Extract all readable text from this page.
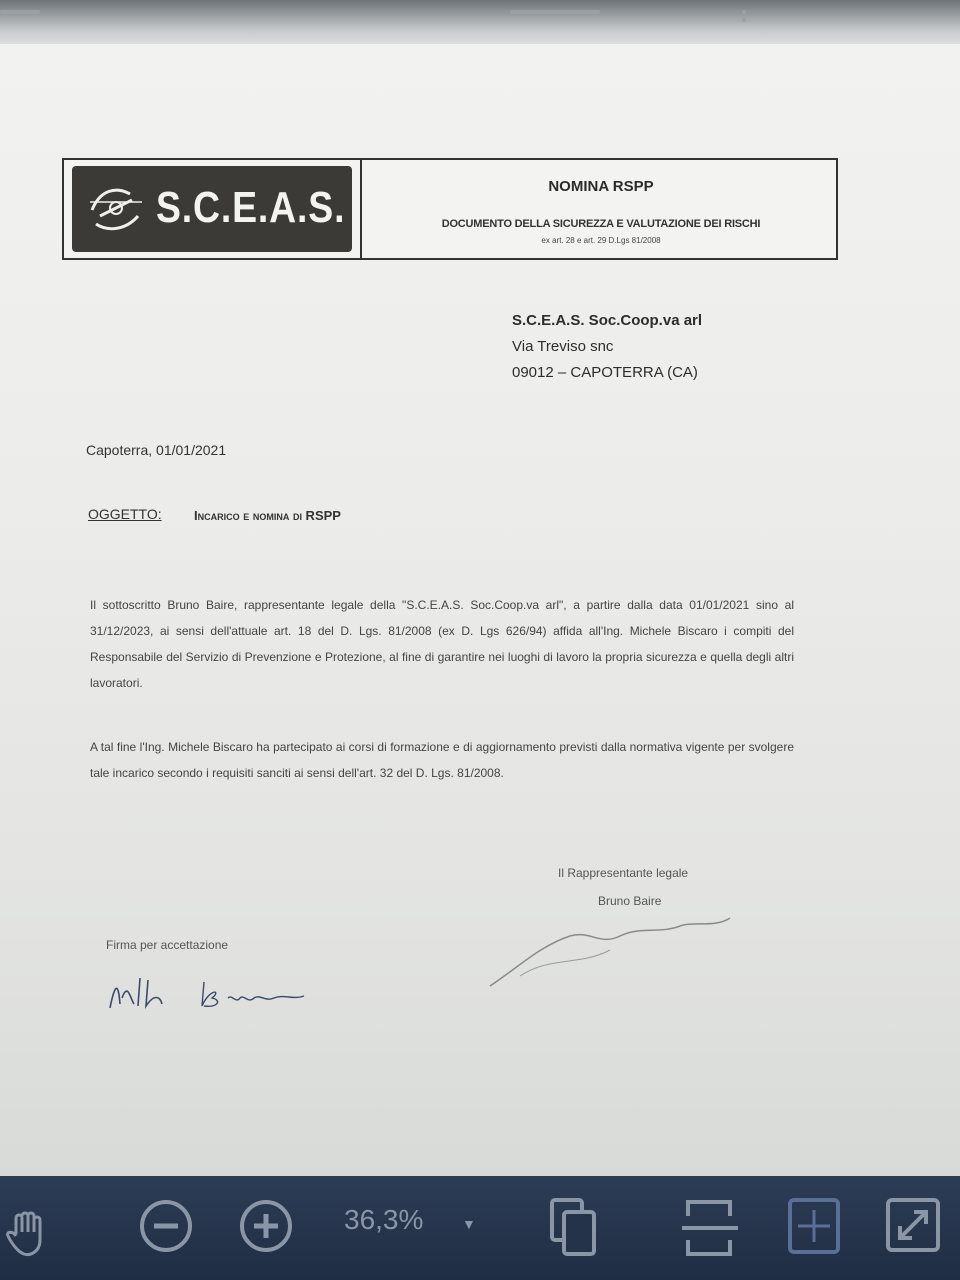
S.C.E.A.S.	NOMINA RSPP
DOCUMENTO DELLA SICUREZZA E VALUTAZIONE DEI RISCHI
ex art. 28 e art. 29 D.Lgs 81/2008
S.C.E.A.S. Soc.Coop.va arl
Via Treviso snc
09012 – CAPOTERRA (CA)
Capoterra, 01/01/2021
OGGETTO: Incarico e nomina di RSPP
Il sottoscritto Bruno Baire, rappresentante legale della "S.C.E.A.S. Soc.Coop.va arl", a partire dalla data 01/01/2021 sino al 31/12/2023, ai sensi dell'attuale art. 18 del D. Lgs. 81/2008 (ex D. Lgs 626/94) affida all'Ing. Michele Biscaro i compiti del Responsabile del Servizio di Prevenzione e Protezione, al fine di garantire nei luoghi di lavoro la propria sicurezza e quella degli altri lavoratori.
A tal fine l'Ing. Michele Biscaro ha partecipato ai corsi di formazione e di aggiornamento previsti dalla normativa vigente per svolgere tale incarico secondo i requisiti sanciti ai sensi dell'art. 32 del D. Lgs. 81/2008.
Il Rappresentante legale
Bruno Baire
Firma per accettazione
36,3%	▼
